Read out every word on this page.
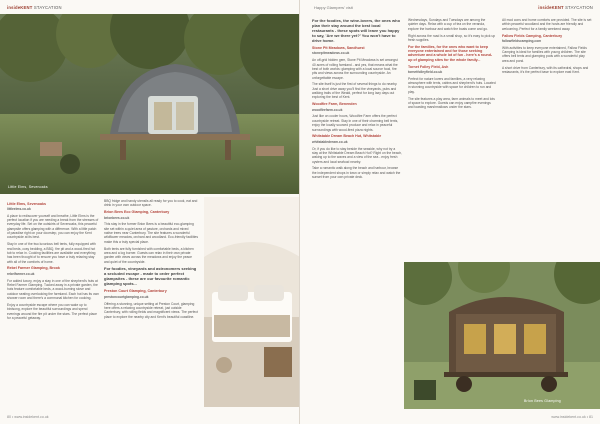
insideKENT STAYCATION
Little Elms, Sevenoaks
Little Elms, Sevenoaks

littleelms.co.uk

A place to rediscover yourself and breathe, Little Elms is the perfect location if you are needing a break from the stresses of everyday life. Set on the outskirts of Sevenoaks, this peaceful glampsite offers glamping with a difference. With a little patch of paradise right on your doorstep, you can enjoy the Kent countryside at its best.

Stay in one of the two luxurious bell tents, fully equipped with real beds, cosy bedding, a BBQ, fire pit and a wood-fired hot tub to relax in. Cooking facilities are available and everything has been thought of to ensure you have a truly relaxing stay with all of the comforts of home.

Rebel Farmer Glamping, Brook

rebelfarmer.co.uk

For added luxury, enjoy a stay in one of the shepherd's huts at Rebel Farmer Glamping. Tucked away in a private garden, the huts feature comfortable beds, a wood-burning stove and outdoor seating overlooking the farmland. Each hut has its own shower room and there's a communal kitchen for cooking.

Enjoy a countryside escape where you can wake up to birdsong, explore the beautiful surroundings and spend evenings around the fire pit under the stars. The perfect place for a peaceful getaway.

BBQ fridge and handy utensils all ready for you to cook, eat and drink in your own outdoor space.

Brion Bees Eco Glamping, Canterbury

brionbees.co.uk

This stay in the former Brion Bees is a beautiful eco-glamping site set within a quiet area of pasture, orchards and mixed native trees near Canterbury. The site features a wonderful wildflower meadow, orchard and woodland. Eco-friendly facilities make this a truly special place.

Both tents are fully furnished with comfortable beds, a kitchen area and a log burner. Guests can relax in their own private garden with views across the meadows and enjoy the peace and quiet of the countryside.

For foodies, vineyards and astronomers seeking a secluded escape - made to order perfect glampsites - these are our favourite romantic glamping spots...

Preston Court Glamping, Canterbury

prestoncourtglamping.co.uk

Offering a stunning, unique setting at Preston Court, glamping here offers a relaxing countryside retreat, just outside Canterbury, with rolling fields and magnificent views. The perfect place to explore the nearby city and Kent's beautiful coastline.

80 • www.insidekent.co.uk
Happy Glampers' visit	insideKENT STAYCATION

For the foodies, the wine-lovers, the ones who plan their stay around the best local restaurants - these spots will leave you happy to say, 'Are we there yet?' You won't have to drive home.

Stone Pit Meadows, Sandhurst

stonepitmeadows.co.uk

An off-grid hidden gem, Stone Pit Meadows is set amongst 40 acres of rolling farmland - and yes, that means what the best of both worlds: glamping with a local source food, fire pits and views across the surrounding countryside. An unforgettable escape.

The site itself is just the first of several things to do nearby. Just a short drive away you'll find the vineyards, pubs and walking trails of the Weald, perfect for long lazy days out exploring the best of Kent.

Woodfire Farm, Benenden

woodfirefarm.co.uk

Just like on cooler hours, Woodfire Farm offers the perfect countryside retreat. Stay in one of their charming bell tents, enjoy the locally sourced produce and relax in peaceful surroundings with wood-fired pizza nights.

Whitstable Dream Beach Hut, Whitstable

whitstabledream.co.uk

Or, if you do like to stay beside the seaside, why not try a stay at the Whitstable Dream Beach Hut? Right on the beach, waking up to the waves and a view of the sea - enjoy fresh oysters and local seafood nearby.

Take a romantic walk along the beach and harbour, browse the independent shops in town or simply relax and watch the sunset from your own private deck.

Wednesdays, Sundays and Tuesdays are among the quieter days. Relax with a cup of tea on the veranda, explore the harbour and watch the boats come and go.

Right across the road is a small shop, so it's easy to pick up fresh supplies.

For the families, for the ones who want to keep everyone entertained and for those seeking adventure and a whole lot of fun - here's a round-up of glamping sites for the whole family...
Tornet Folley Field, Ash

tornetfolleyfield.co.uk

Perfect for nature lovers and families, a very relaxing atmosphere with tents, cabins and shepherd's huts. Located in stunning countryside with space for children to run and play.

The site features a play area, farm animals to meet and lots of space to explore. Guests can enjoy campfire evenings and toasting marshmallows under the stars.

All mod cons and home comforts are provided. The site is set within peaceful woodland and the hosts are friendly and welcoming. Perfect for a family weekend away.

Fallow Fields Camping, Canterbury

fallowfieldscamping.com

With activities to keep everyone entertained, Fallow Fields Camping is ideal for families with young children. The site offers bell tents and glamping pods with a wonderful play area and pond.

A short drive from Canterbury, with its cathedral, shops and restaurants, it's the perfect base to explore east Kent.

Brion Bees Glamping
www.insidekent.co.uk • 81
